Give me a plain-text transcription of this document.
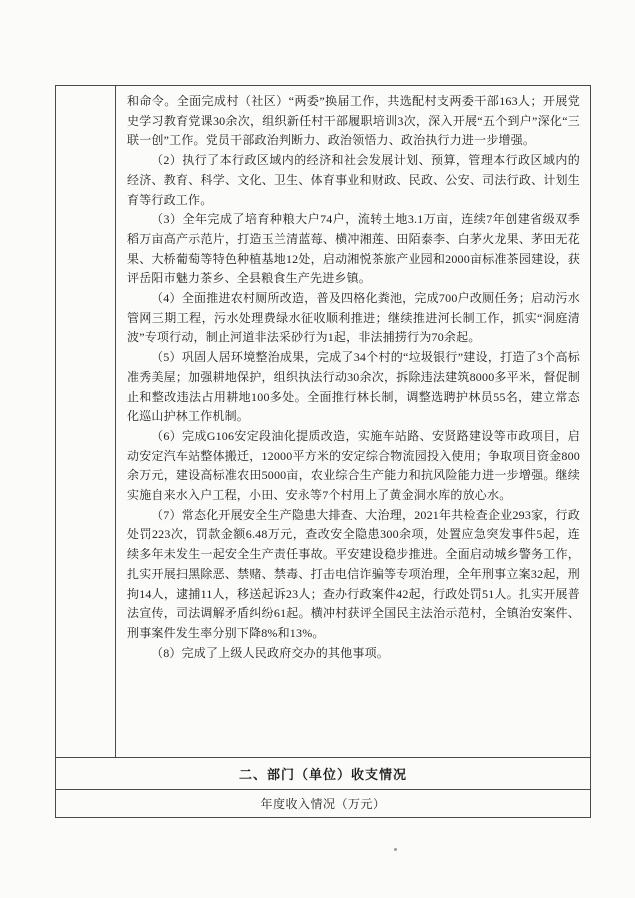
和命令。全面完成村（社区）“两委”换届工作，共选配村支两委干部163人；开展党史学习教育党课30余次，组织新任村干部履职培训3次，深入开展“五个到户”深化“三联一创”工作。党员干部政治判断力、政治领悟力、政治执行力进一步增强。

（2）执行了本行政区域内的经济和社会发展计划、预算，管理本行政区域内的经济、教育、科学、文化、卫生、体育事业和财政、民政、公安、司法行政、计划生育等行政工作。

（3）全年完成了培育种粮大户74户，流转土地3.1万亩，连续7年创建省级双季稻万亩高产示范片，打造玉兰清蓝莓、横冲湘莲、田陌泰李、白茅火龙果、茅田无花果、大桥葡萄等特色种植基地12处，启动湘悦茶旅产业园和2000亩标准茶园建设，获评岳阳市魅力茶乡、全县粮食生产先进乡镇。

（4）全面推进农村厕所改造，普及四格化粪池，完成700户改厕任务；启动污水管网三期工程，污水处理费绿水征收顺利推进；继续推进河长制工作，抓实“洞庭清波”专项行动，制止河道非法采砂行为1起，非法捕捞行为70余起。

（5）巩固人居环境整治成果，完成了34个村的“垃圾银行”建设，打造了3个高标准秀美屋；加强耕地保护，组织执法行动30余次，拆除违法建筑8000多平米，督促制止和整改违法占用耕地100多处。全面推行林长制，调整选聘护林员55名，建立常态化巡山护林工作机制。

（6）完成G106安定段油化提质改造，实施车站路、安贤路建设等市政项目，启动安定汽车站整体搬迁，12000平方米的安定综合物流园投入使用；争取项目资金800余万元，建设高标准农田5000亩，农业综合生产能力和抗风险能力进一步增强。继续实施自来水入户工程，小田、安永等7个村用上了黄金洞水库的放心水。

（7）常态化开展安全生产隐患大排查、大治理，2021年共检查企业293家，行政处罚223次，罚款金额6.48万元，查改安全隐患300余项，处置应急突发事件5起，连续多年未发生一起安全生产责任事故。平安建设稳步推进。全面启动城乡警务工作，扎实开展扫黑除恶、禁赌、禁毒、打击电信诈骗等专项治理，全年刑事立案32起，刑拘14人，逮捕11人，移送起诉23人；查办行政案件42起，行政处罚51人。扎实开展普法宣传，司法调解矛盾纠纷61起。横冲村获评全国民主法治示范村，全镇治安案件、刑事案件发生率分别下降8%和13%。

（8）完成了上级人民政府交办的其他事项。

二、部门（单位）收支情况
年度收入情况（万元）
